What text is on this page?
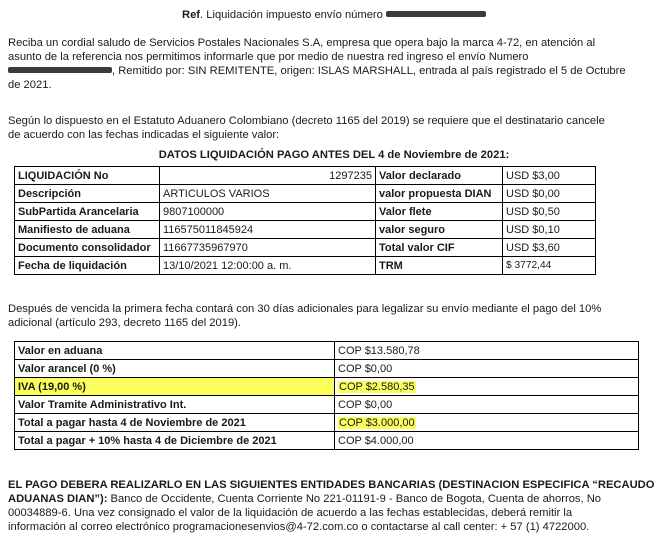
Ref. Liquidación impuesto envío número
Reciba un cordial saludo de Servicios Postales Nacionales S.A, empresa que opera bajo la marca 4-72, en atención al
asunto de la referencia nos permitimos informarle que por medio de nuestra red ingreso el envío Numero
, Remitido por: SIN REMITENTE, origen: ISLAS MARSHALL, entrada al país registrado el 5 de Octubre
de 2021.
Según lo dispuesto en el Estatuto Aduanero Colombiano (decreto 1165 del 2019) se requiere que el destinatario cancele
de acuerdo con las fechas indicadas el siguiente valor:
DATOS LIQUIDACIÓN PAGO ANTES DEL 4 de Noviembre de 2021:
LIQUIDACIÓN No	1297235	Valor declarado	USD $3,00
Descripción	ARTICULOS VARIOS	valor propuesta DIAN	USD $0,00
SubPartida Arancelaria	9807100000	Valor flete	USD $0,50
Manifiesto de aduana	116575011845924	valor seguro	USD $0,10
Documento consolidador	11667735967970	Total valor CIF	USD $3,60
Fecha de liquidación	13/10/2021 12:00:00 a. m.	TRM	$ 3772,44
Después de vencida la primera fecha contará con 30 días adicionales para legalizar su envío mediante el pago del 10%
adicional (artículo 293, decreto 1165 del 2019).
Valor en aduana	COP $13.580,78
Valor arancel (0 %)	COP $0,00
IVA (19,00 %)	COP $2.580,35
Valor Tramite Administrativo Int.	COP $0,00
Total a pagar hasta 4 de Noviembre de 2021	COP $3.000,00
Total a pagar + 10% hasta 4 de Diciembre de 2021	COP $4.000,00
EL PAGO DEBERA REALIZARLO EN LAS SIGUIENTES ENTIDADES BANCARIAS (DESTINACION ESPECIFICA “RECAUDO
ADUANAS DIAN”): Banco de Occidente, Cuenta Corriente No 221-01191-9 - Banco de Bogota, Cuenta de ahorros, No
00034889-6. Una vez consignado el valor de la liquidación de acuerdo a las fechas establecidas, deberá remitir la
información al correo electrónico programacionesenvios@4-72.com.co o contactarse al call center: + 57 (1) 4722000.
